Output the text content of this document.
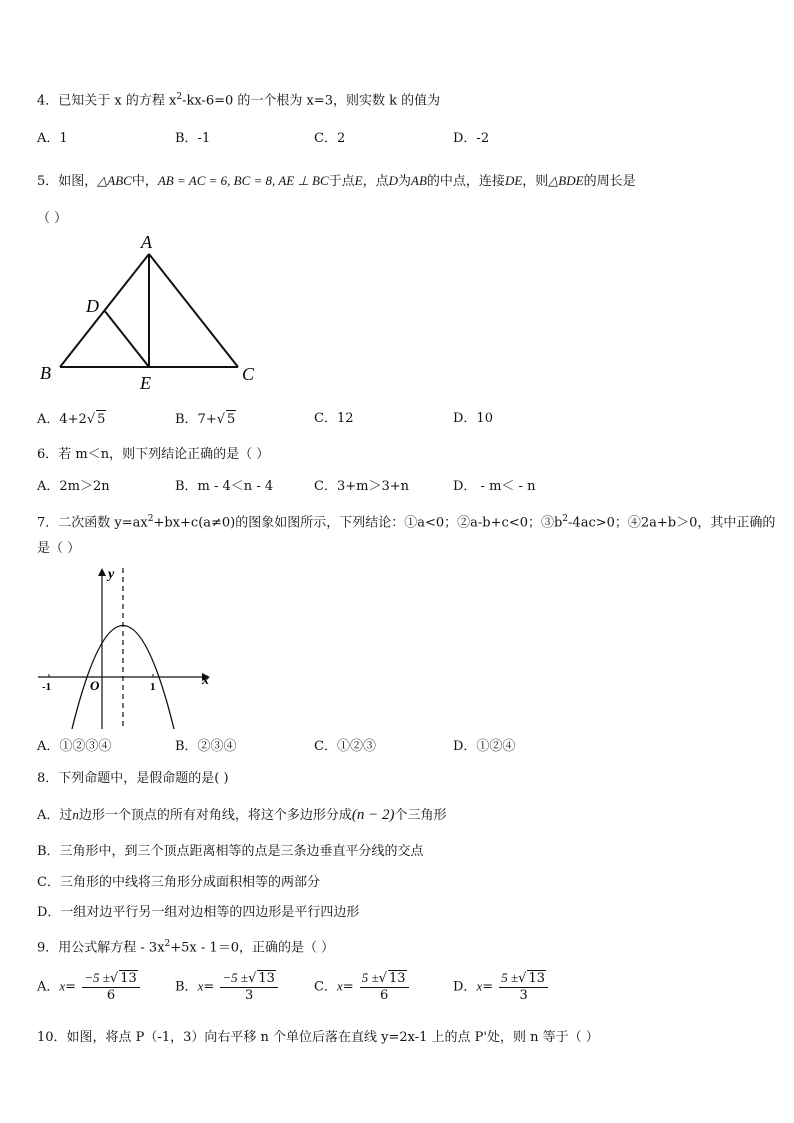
4．已知关于 x 的方程 $x^2-kx-6=0$ 的一个根为 x=3，则实数 k 的值为
A．1	B．-1	C．2	D．-2
5．如图，△ABC中，AB = AC = 6, BC = 8, AE ⊥ BC于点E，点D为AB的中点，连接DE，则△BDE的周长是
（ ）
A
B	C
D
E
A．4+2√ 5	B．7+√ 5	C．12	D．10
6．若 m＜n，则下列结论正确的是（ ）
A．2m＞2n	B．m - 4＜n - 4	C．3+m＞3+n	D． - m＜ - n
7．二次函数 $y=ax^2+bx+c(a\ne 0)$的图象如图所示，下列结论：①a<0；②a-b+c<0；$③b^2-4ac>0$；④2a+b＞0，其中正确的
是（ ）
y
x
O
-1	1
A．①②③④	B．②③④	C．①②③	D．①②④
8．下列命题中，是假命题的是( )
A．过n边形一个顶点的所有对角线，将这个多边形分成(n − 2)个三角形
B．三角形中，到三个顶点距离相等的点是三条边垂直平分线的交点
C．三角形的中线将三角形分成面积相等的两部分
D．一组对边平行另一组对边相等的四边形是平行四边形
9．用公式解方程 - $3x^2+5x - 1=0$，正确的是（ ）
A．$x= \frac{-5 \pm√ 13}{6}$	B．$x= \frac{-5 \pm√ 13}{3}$	C．$x= \frac{5 \pm√ 13}{6}$	D．$x= \frac{5 \pm√ 13}{3}$
10．如图，将点 P（-1，3）向右平移 n 个单位后落在直线 y=2x-1 上的点 P'处，则 n 等于（ ）
